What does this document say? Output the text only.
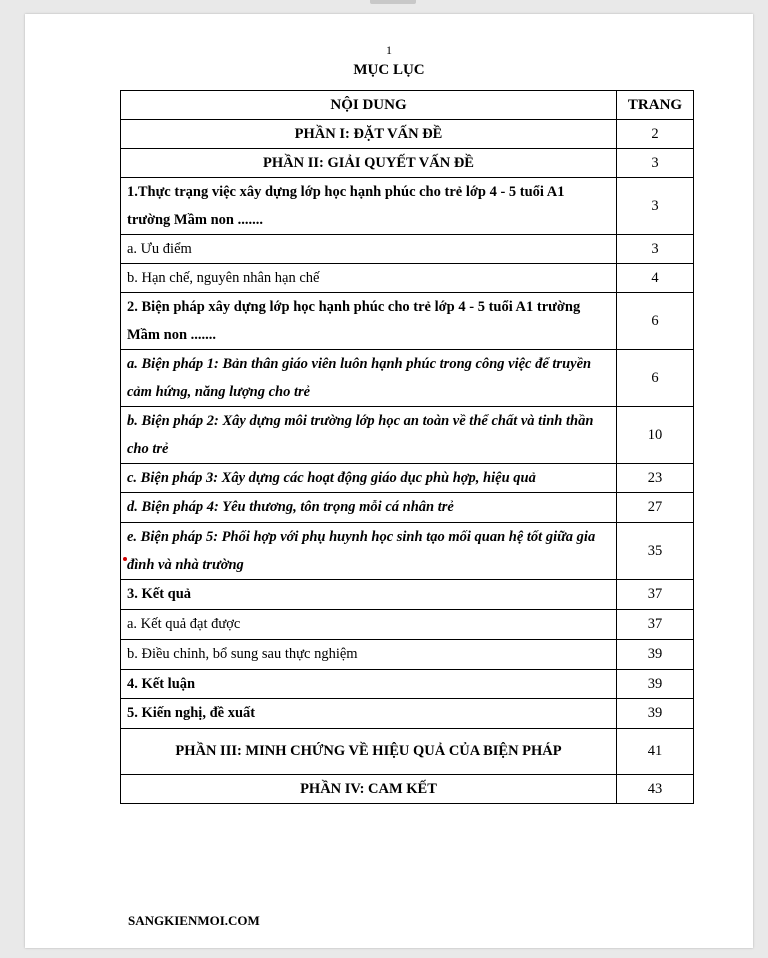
1
MỤC LỤC
NỘI DUNG	TRANG
PHẦN I: ĐẶT VẤN ĐỀ	2
PHẦN II: GIẢI QUYẾT VẤN ĐỀ	3
1.Thực trạng việc xây dựng lớp học hạnh phúc cho trẻ lớp 4 - 5 tuổi A1 trường Mầm non .......	3
a. Ưu điểm	3
b. Hạn chế, nguyên nhân hạn chế	4
2. Biện pháp xây dựng lớp học hạnh phúc cho trẻ lớp 4 - 5 tuổi A1 trường Mầm non .......	6
a. Biện pháp 1: Bản thân giáo viên luôn hạnh phúc trong công việc để truyền cảm hứng, năng lượng cho trẻ	6
b. Biện pháp 2: Xây dựng môi trường lớp học an toàn về thể chất và tinh thần cho trẻ	10
c. Biện pháp 3: Xây dựng các hoạt động giáo dục phù hợp, hiệu quả	23
d. Biện pháp 4: Yêu thương, tôn trọng mỗi cá nhân trẻ	27
e. Biện pháp 5: Phối hợp với phụ huynh học sinh tạo mối quan hệ tốt giữa gia đình và nhà trường	35
3. Kết quả	37
a. Kết quả đạt được	37
b. Điều chỉnh, bổ sung sau thực nghiệm	39
4. Kết luận	39
5. Kiến nghị, đề xuất	39
PHẦN III: MINH CHỨNG VỀ HIỆU QUẢ CỦA BIỆN PHÁP	41
PHẦN IV: CAM KẾT	43
SANGKIENMOI.COM
